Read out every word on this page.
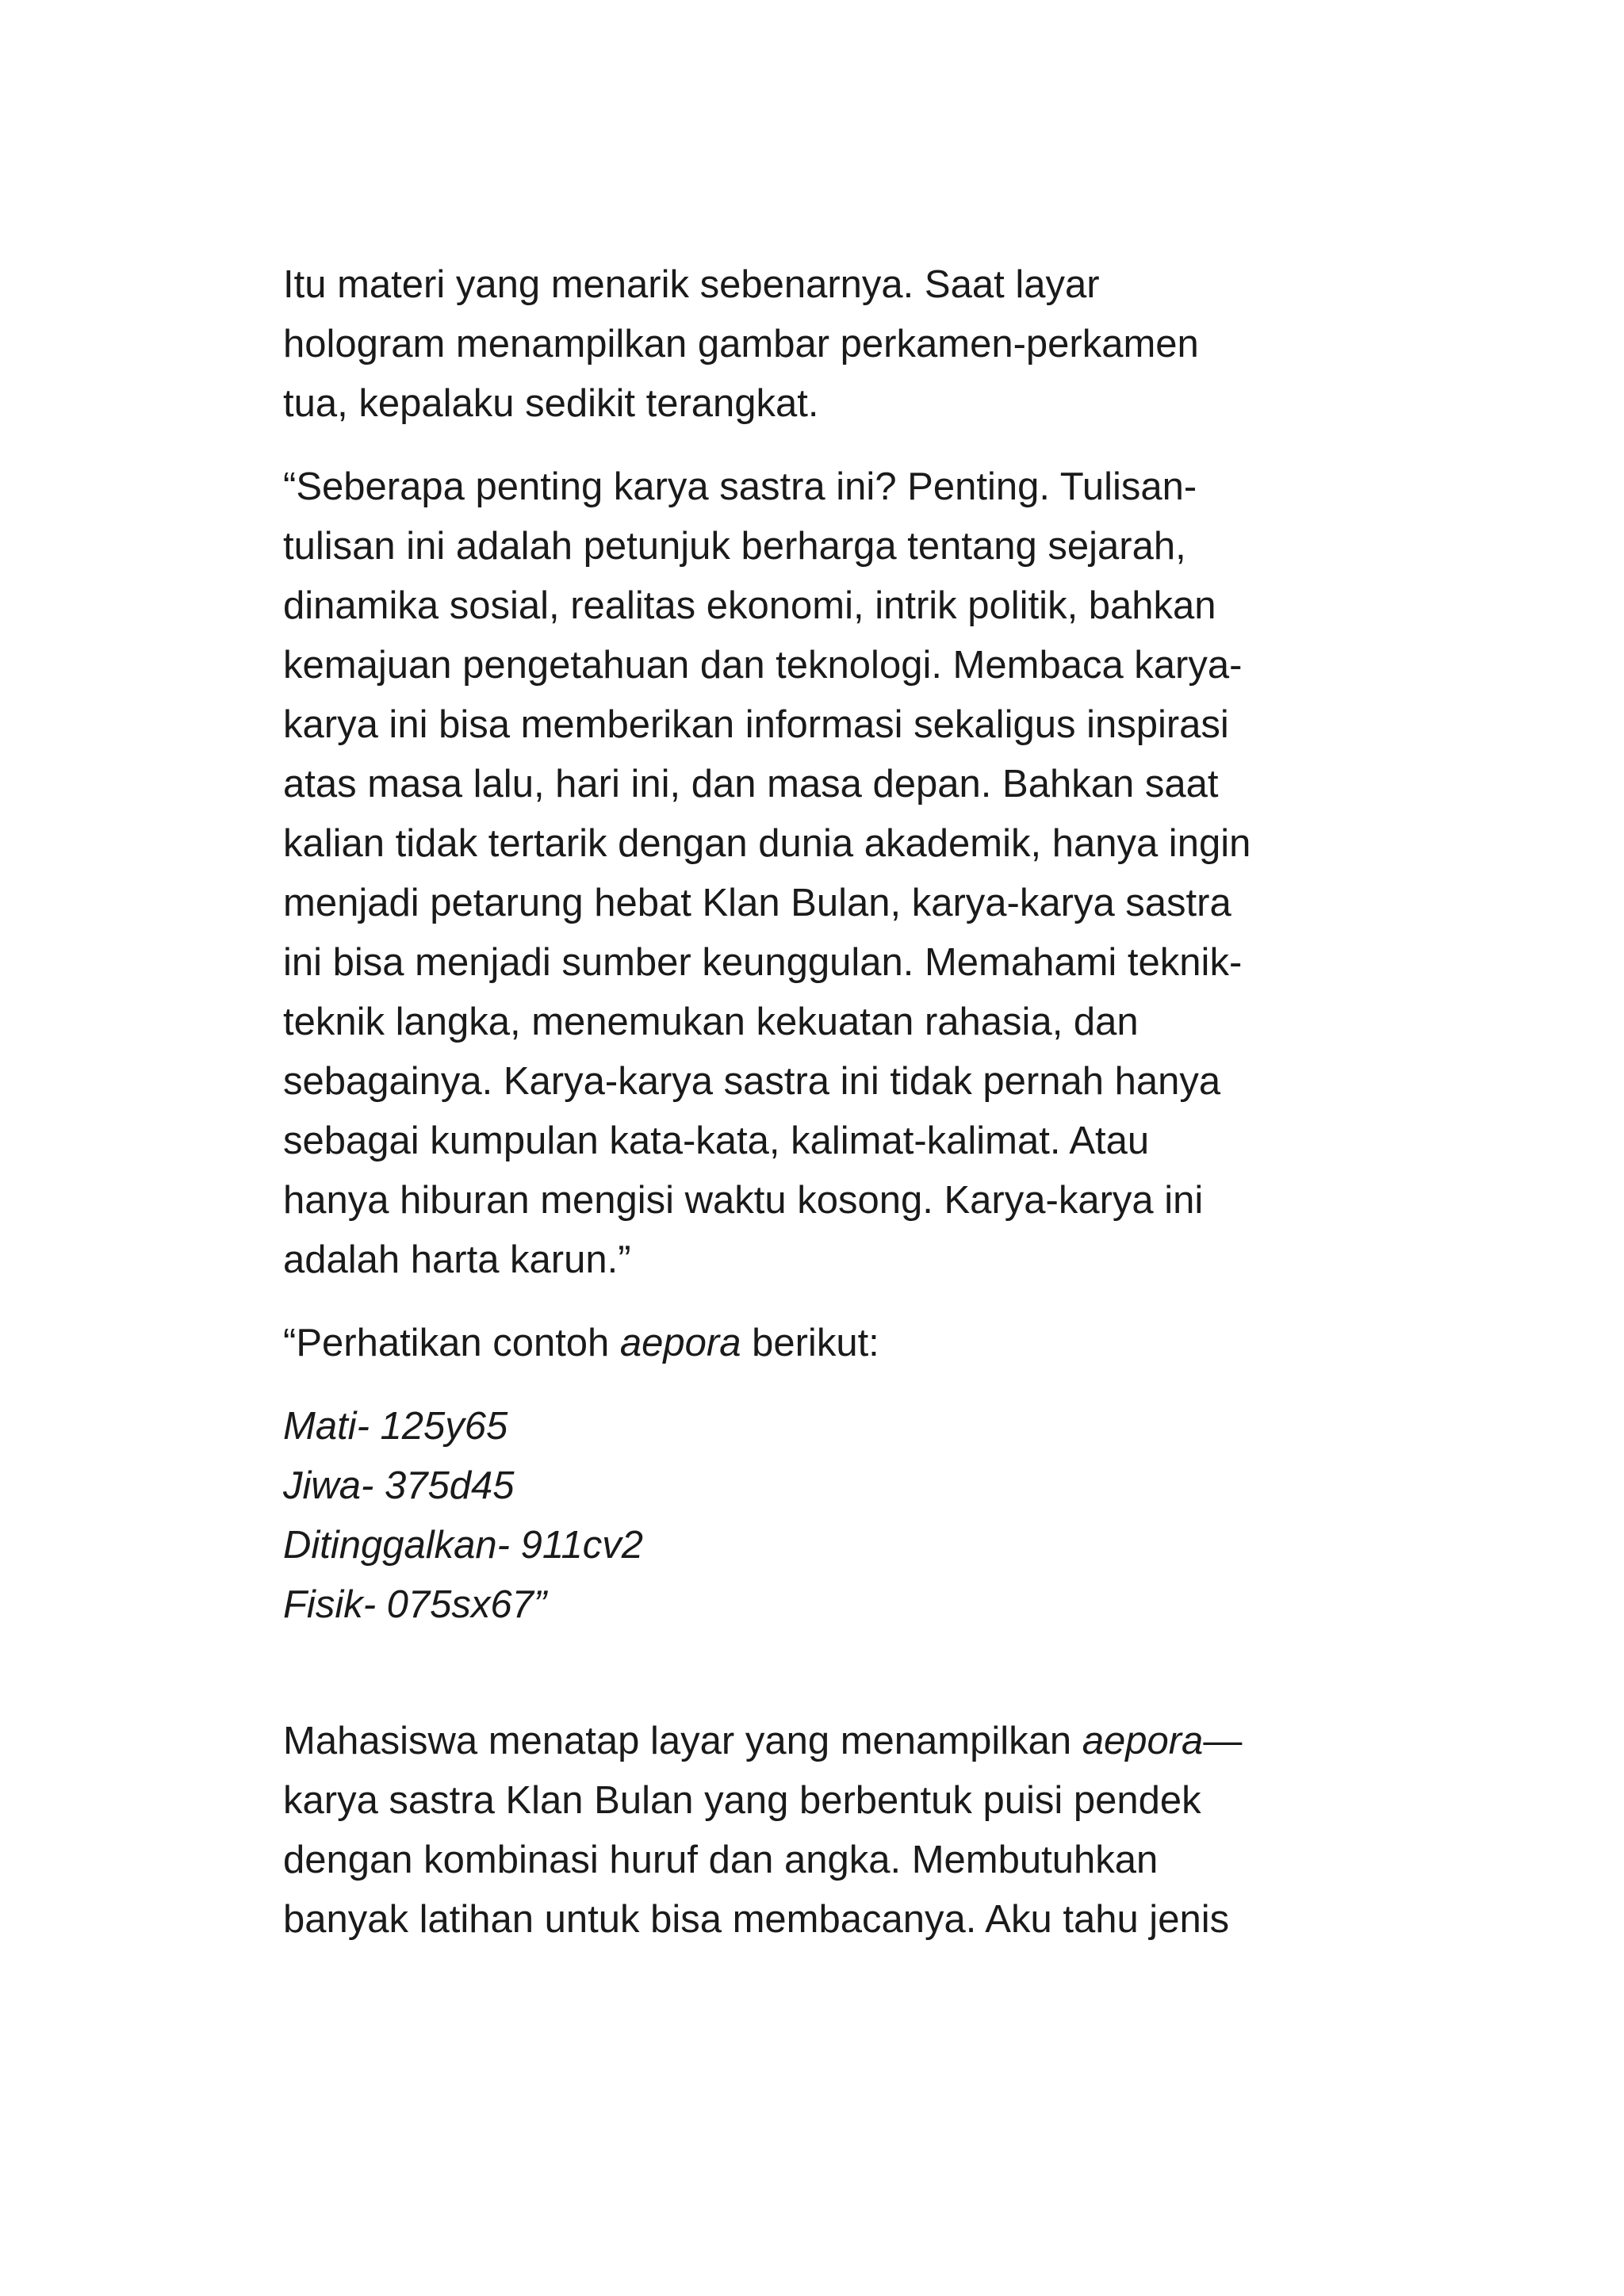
Itu materi yang menarik sebenarnya. Saat layar
hologram menampilkan gambar perkamen-perkamen
tua, kepalaku sedikit terangkat.

“Seberapa penting karya sastra ini? Penting. Tulisan-
tulisan ini adalah petunjuk berharga tentang sejarah,
dinamika sosial, realitas ekonomi, intrik politik, bahkan
kemajuan pengetahuan dan teknologi. Membaca karya-
karya ini bisa memberikan informasi sekaligus inspirasi
atas masa lalu, hari ini, dan masa depan. Bahkan saat
kalian tidak tertarik dengan dunia akademik, hanya ingin
menjadi petarung hebat Klan Bulan, karya-karya sastra
ini bisa menjadi sumber keunggulan. Memahami teknik-
teknik langka, menemukan kekuatan rahasia, dan
sebagainya. Karya-karya sastra ini tidak pernah hanya
sebagai kumpulan kata-kata, kalimat-kalimat. Atau
hanya hiburan mengisi waktu kosong. Karya-karya ini
adalah harta karun.”

“Perhatikan contoh aepora berikut:

Mati- 125y65
Jiwa- 375d45
Ditinggalkan- 911cv2
Fisik- 075sx67”

Mahasiswa menatap layar yang menampilkan aepora—
karya sastra Klan Bulan yang berbentuk puisi pendek
dengan kombinasi huruf dan angka. Membutuhkan
banyak latihan untuk bisa membacanya. Aku tahu jenis
